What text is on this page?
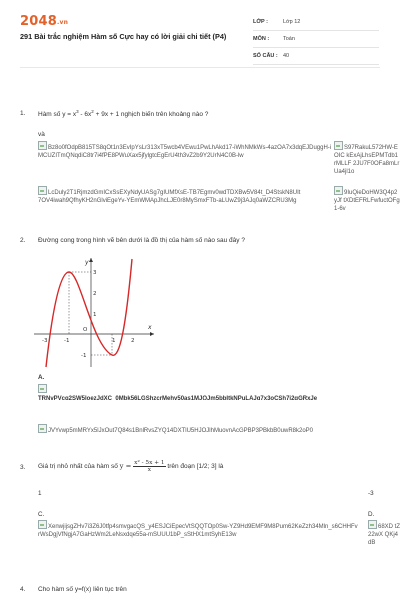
2048.vn
291 Bài trắc nghiệm Hàm số Cực hay có lời giải chi tiết (P4)
LỚP :	Lớp 12
MÔN :	Toán
SỐ CÂU : 40
1. Hàm số $y = x^3 - 6x^2 + 9x + 1$ nghịch biến trên khoảng nào ?
và
Bz8o0fOdpB815TS8qOt1n3EvIpYsLr313xT5wcb4VEwu1PwLhAkd17-iWhNMkWs-4azOA7x3dqEJDuggH-iMCUZITmQNqdiC8tr7i4fPE8PWuXax5jfylgtcEgErU4th3vZ2b9Y2UrN4C0B-lw
S97RakuL572HW-EOIC kExAjLhsEPMTdb1rMLLF 2JU7F0OFa8mLrUa4jl1o
LcDuly2T1RjmzdGmICxSsEXyNdyUASg7gIUMfXsE-TB7Egmv0wdTDXBw5V84t_D4StskN8UIt7OV4iwah9QfhyKH2nGlviEgeYv-YEmWMApJhcLJE0r8MySmxFTb-aLUwZ9j3AJq0aWZCRU3Mg
9IuQieDoHW3Q4p2yJf tXDtEFRLFwfuctOFg1-6v
2. Đường cong trong hình vẽ bên dưới là đồ thị của hàm số nào sau đây ?
y
x
O
3
2
1
-1
-3	-1	1	2
A.

TRNvPVcq2SW5loezJdXC_0Mbk56LGShzcrMehv50as1MJQJm5bbItkNPuLAJq7x3oCSh7j2qGRxJe
JVYvwp5mMRYx5lJxOut7Q84s1BnlRvsZYQ14DXTlU5HJOJlhMuovnAcGPBP3PBkbB0uwR8k2oP0
3. Giá trị nhỏ nhất của hàm số $y = \frac{\text{x² - 5x + 1}}{x}$ trên đoạn [1/2; 3] là
1	-3
C.
XenwjijsgZHv7i3Z6J0tfp4smvgacQS_y4ESJCiEpecVtSQQTOp0Sw-YZ9Hd9EMF9M8Pum62KeZzh34Mln_s6CHHFvrWsDgjVfNgjA7GaHzWm2LeNsxdqe55a-mSUUU1bP_sStHX1mtSyhE13w
D.
68XD tZ22wX QKj4dB
4. Cho hàm số y=f(x) liên tục trên
